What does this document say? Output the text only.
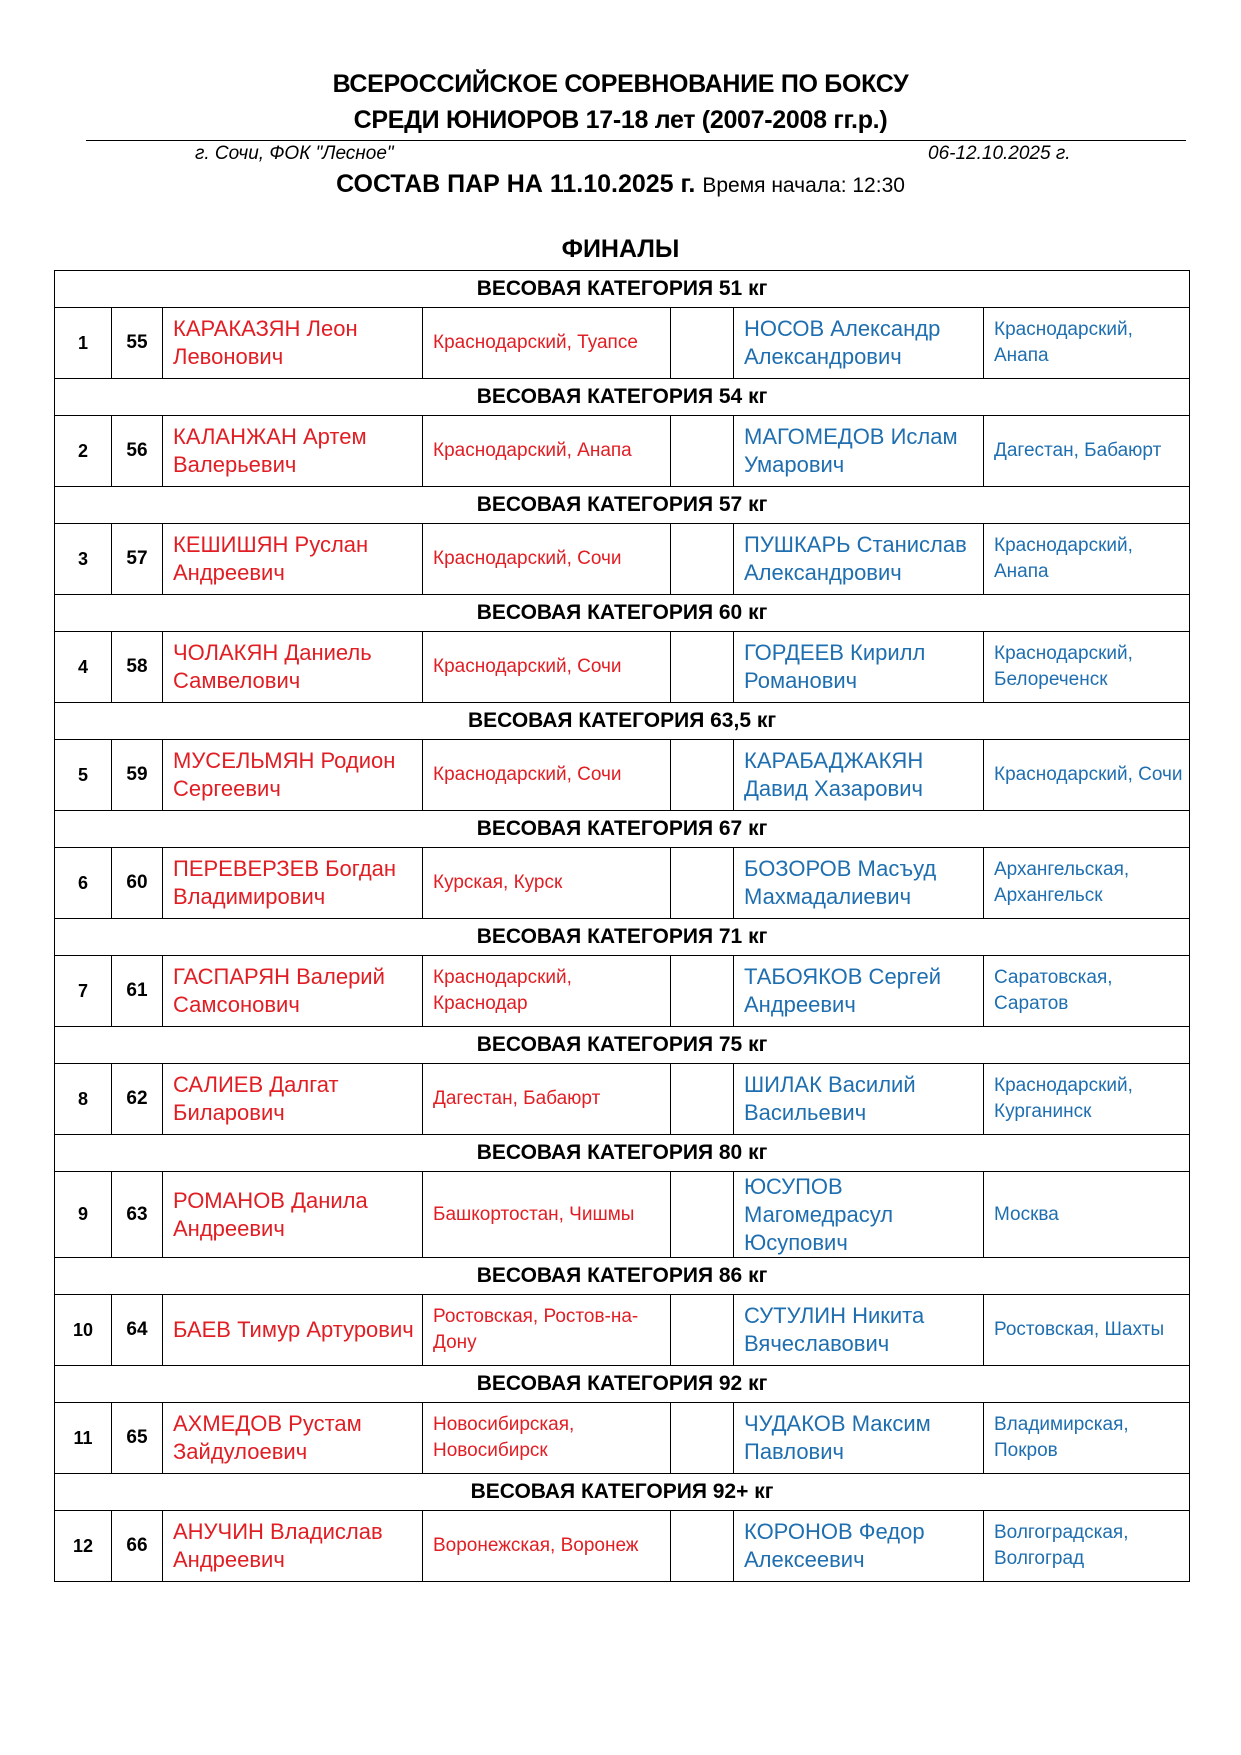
ВСЕРОССИЙСКОЕ СОРЕВНОВАНИЕ ПО БОКСУ
СРЕДИ ЮНИОРОВ 17-18 лет (2007-2008 гг.р.)
г. Сочи, ФОК "Лесное"	06-12.10.2025 г.
СОСТАВ ПАР НА 11.10.2025 г. Время начала: 12:30
ФИНАЛЫ
ВЕСОВАЯ КАТЕГОРИЯ 51 кг						
1	55	КАРАКАЗЯН Леон Левонович	Краснодарский, Туапсе		НОСОВ Александр Александрович	Краснодарский, Анапа
ВЕСОВАЯ КАТЕГОРИЯ 54 кг						
2	56	КАЛАНЖАН Артем Валерьевич	Краснодарский, Анапа		МАГОМЕДОВ Ислам Умарович	Дагестан, Бабаюрт
ВЕСОВАЯ КАТЕГОРИЯ 57 кг						
3	57	КЕШИШЯН Руслан Андреевич	Краснодарский, Сочи		ПУШКАРЬ Станислав Александрович	Краснодарский, Анапа
ВЕСОВАЯ КАТЕГОРИЯ 60 кг						
4	58	ЧОЛАКЯН Даниель Самвелович	Краснодарский, Сочи		ГОРДЕЕВ Кирилл Романович	Краснодарский, Белореченск
ВЕСОВАЯ КАТЕГОРИЯ 63,5 кг						
5	59	МУСЕЛЬМЯН Родион Сергеевич	Краснодарский, Сочи		КАРАБАДЖАКЯН Давид Хазарович	Краснодарский, Сочи
ВЕСОВАЯ КАТЕГОРИЯ 67 кг						
6	60	ПЕРЕВЕРЗЕВ Богдан Владимирович	Курская, Курск		БОЗОРОВ Масъуд Махмадалиевич	Архангельская, Архангельск
ВЕСОВАЯ КАТЕГОРИЯ 71 кг						
7	61	ГАСПАРЯН Валерий Самсонович	Краснодарский, Краснодар		ТАБОЯКОВ Сергей Андреевич	Саратовская, Саратов
ВЕСОВАЯ КАТЕГОРИЯ 75 кг						
8	62	САЛИЕВ Далгат Биларович	Дагестан, Бабаюрт		ШИЛАК Василий Васильевич	Краснодарский, Курганинск
ВЕСОВАЯ КАТЕГОРИЯ 80 кг						
9	63	РОМАНОВ Данила Андреевич	Башкортостан, Чишмы		ЮСУПОВ Магомедрасул Юсупович	Москва
ВЕСОВАЯ КАТЕГОРИЯ 86 кг						
10	64	БАЕВ Тимур Артурович	Ростовская, Ростов-на-Дону		СУТУЛИН Никита Вячеславович	Ростовская, Шахты
ВЕСОВАЯ КАТЕГОРИЯ 92 кг						
11	65	АХМЕДОВ Рустам Зайдулоевич	Новосибирская, Новосибирск		ЧУДАКОВ Максим Павлович	Владимирская, Покров
ВЕСОВАЯ КАТЕГОРИЯ 92+ кг						
12	66	АНУЧИН Владислав Андреевич	Воронежская, Воронеж		КОРОНОВ Федор Алексеевич	Волгоградская, Волгоград
